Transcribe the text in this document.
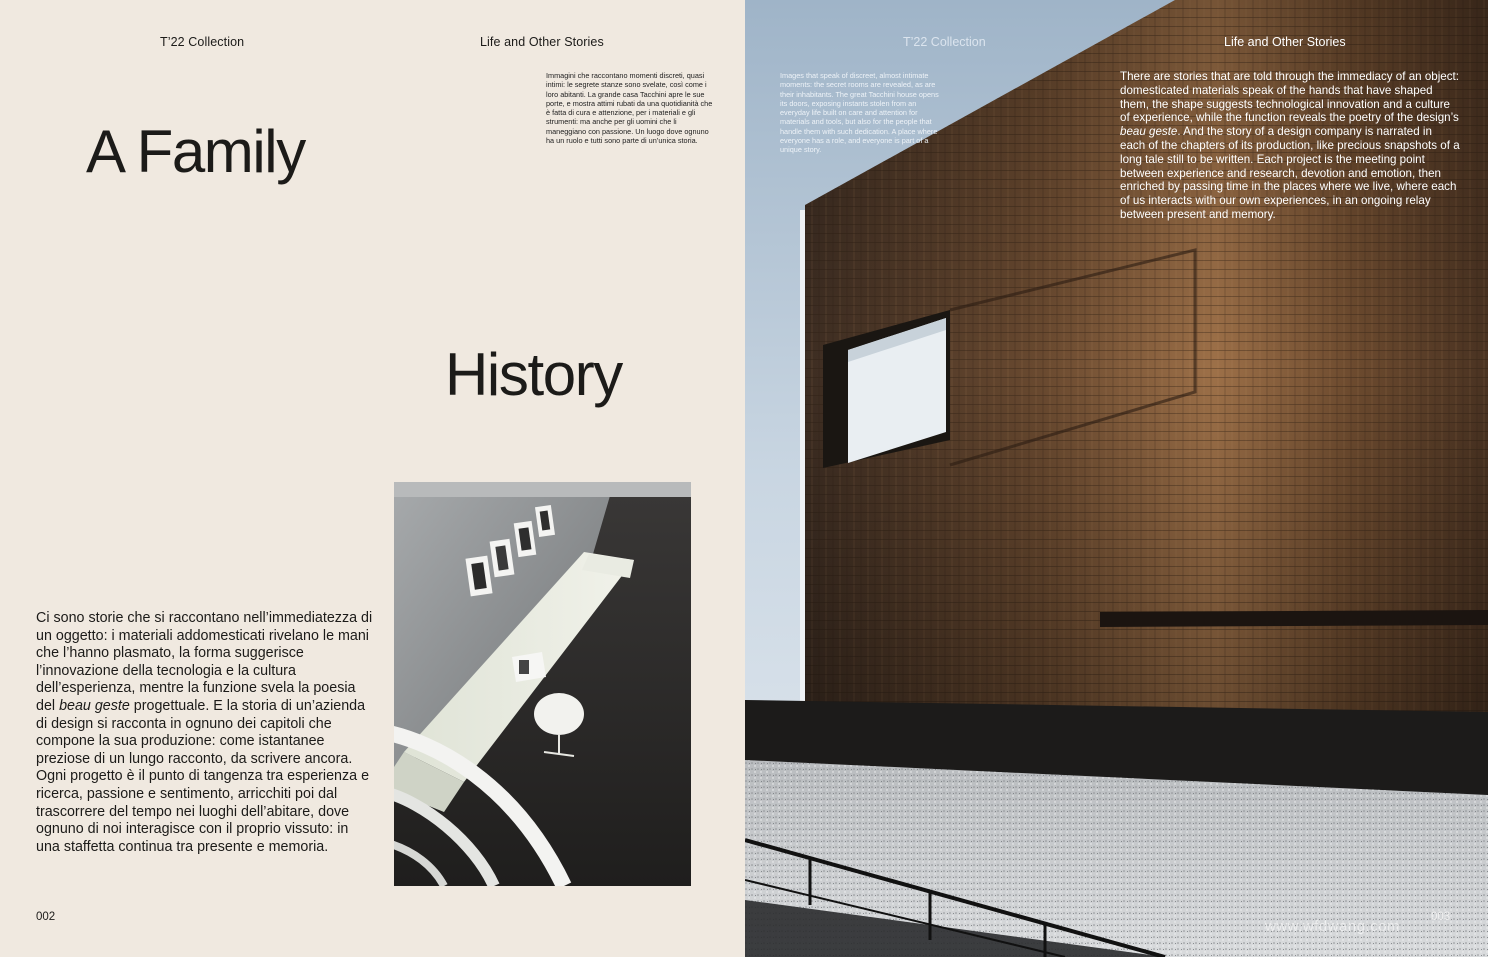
T’22 Collection	Life and Other Stories
Immagini che raccontano momenti discreti, quasi intimi: le segrete stanze sono svelate, così come i loro abitanti. La grande casa Tacchini apre le sue porte, e mostra attimi rubati da una quotidianità che è fatta di cura e attenzione, per i materiali e gli strumenti: ma anche per gli uomini che li maneggiano con passione. Un luogo dove ognuno ha un ruolo e tutti sono parte di un’unica storia.
A Family
History

Ci sono storie che si raccontano nell’immediatezza di un oggetto: i materiali addomesticati rivelano le mani che l’hanno plasmato, la forma suggerisce l’innovazione della tecnologia e la cultura dell’esperienza, mentre la funzione svela la poesia del beau geste progettuale. E la storia di un’azienda di design si racconta in ognuno dei capitoli che compone la sua produzione: come istantanee preziose di un lungo racconto, da scrivere ancora. Ogni progetto è il punto di tangenza tra esperienza e ricerca, passione e sentimento, arricchiti poi dal trascorrere del tempo nei luoghi dell’abitare, dove ognuno di noi interagisce con il proprio vissuto: in una staffetta continua tra presente e memoria.

002
T’22 Collection	Life and Other Stories
Images that speak of discreet, almost intimate moments: the secret rooms are revealed, as are their inhabitants. The great Tacchini house opens its doors, exposing instants stolen from an everyday life built on care and attention for materials and tools, but also for the people that handle them with such dedication. A place where everyone has a role, and everyone is part of a unique story.

There are stories that are told through the immediacy of an object: domesticated materials speak of the hands that have shaped them, the shape suggests technological innovation and a culture of experience, while the function reveals the poetry of the design’s beau geste. And the story of a design company is narrated in each of the chapters of its production, like precious snapshots of a long tale still to be written. Each project is the meeting point between experience and research, devotion and emotion, then enriched by passing time in the places where we live, where each of us interacts with our own experiences, in an ongoing relay between present and memory.

003
www.wfdwang.com
